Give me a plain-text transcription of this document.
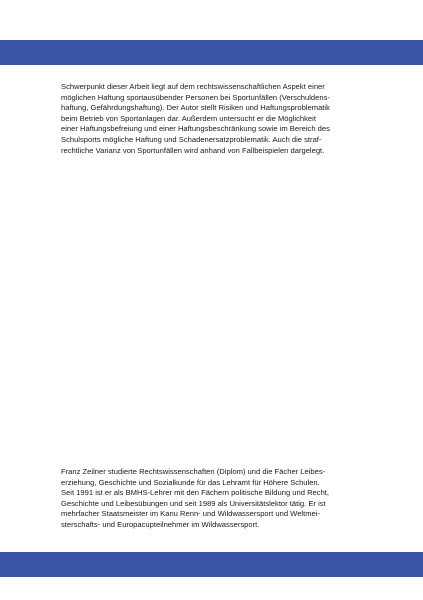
Schwerpunkt dieser Arbeit liegt auf dem rechtswissenschaftlichen Aspekt einer
möglichen Haftung sportausübender Personen bei Sportunfällen (Verschuldens-
haftung, Gefährdungshaftung). Der Autor stellt Risiken und Haftungsproblematik
beim Betrieb von Sportanlagen dar. Außerdem untersucht er die Möglichkeit
einer Haftungsbefreiung und einer Haftungsbeschränkung sowie im Bereich des
Schulsports mögliche Haftung und Schadenersatzproblematik. Auch die straf-
rechtliche Varianz von Sportunfällen wird anhand von Fallbeispielen dargelegt.
Franz Zeilner studierte Rechtswissenschaften (Diplom) und die Fächer Leibes-
erziehung, Geschichte und Sozialkunde für das Lehramt für Höhere Schulen.
Seit 1991 ist er als BMHS-Lehrer mit den Fächern politische Bildung und Recht,
Geschichte und Leibesübungen und seit 1989 als Universitätslektor tätig. Er ist
mehrfacher Staatsmeister im Kanu Renn- und Wildwassersport und Weltmei-
sterschafts- und Europacupteilnehmer im Wildwassersport.
